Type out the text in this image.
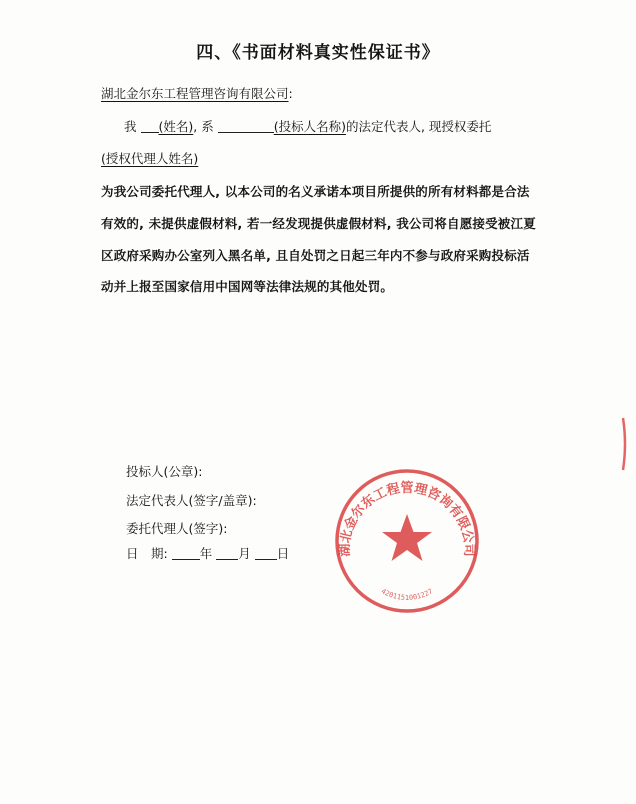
四、《书面材料真实性保证书》
湖北金尔东工程管理咨询有限公司:
我 (姓名), 系	(投标人名称)的法定代表人, 现授权委托
(授权代理人姓名)
为我公司委托代理人, 以本公司的名义承诺本项目所提供的所有材料都是合法
有效的, 未提供虚假材料, 若一经发现提供虚假材料, 我公司将自愿接受被江夏
区政府采购办公室列入黑名单, 且自处罚之日起三年内不参与政府采购投标活
动并上报至国家信用中国网等法律法规的其他处罚。
投标人(公章):
法定代表人(签字/盖章):
委托代理人(签字):
日　期:	年 月 日	湖北金尔东工程管理咨询有限公司
4201151001227
